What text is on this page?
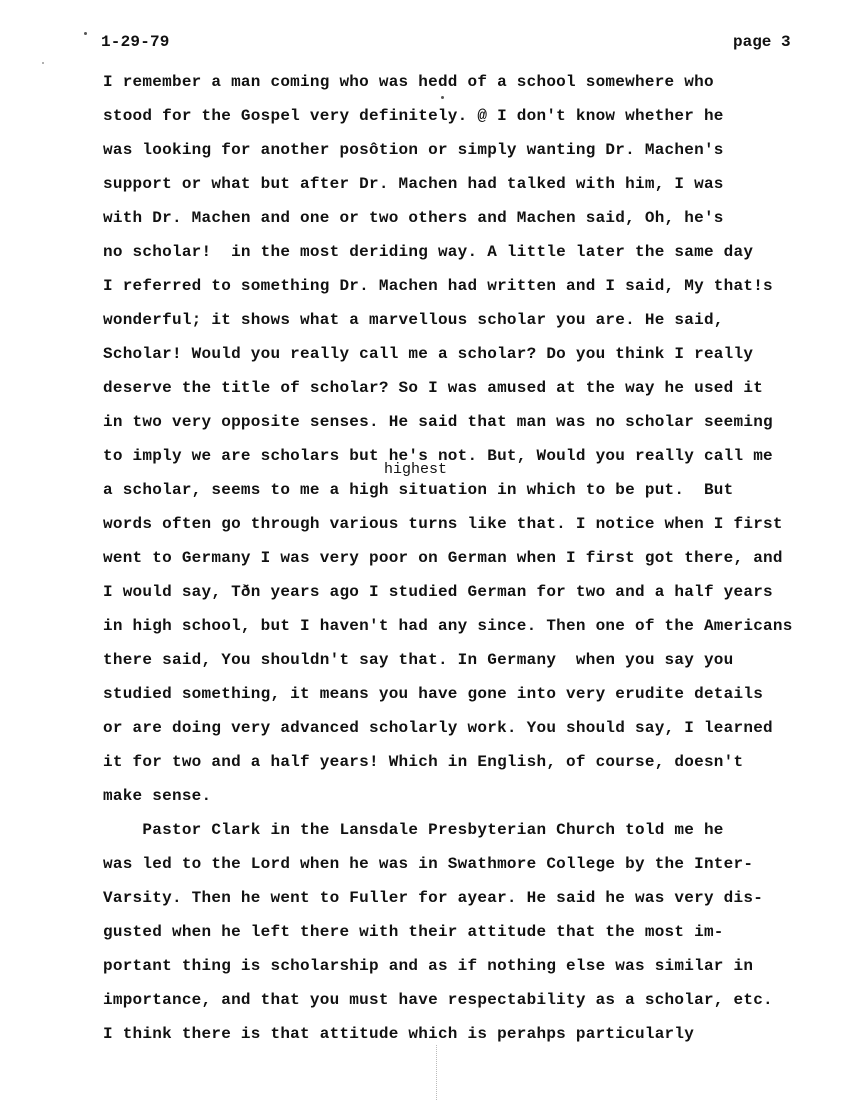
1-29-79	page 3
highest
I remember a man coming who was hedd of a school somewhere who
stood for the Gospel very definitely. @ I don't know whether he
was looking for another posôtion or simply wanting Dr. Machen's
support or what but after Dr. Machen had talked with him, I was
with Dr. Machen and one or two others and Machen said, Oh, he's
no scholar!  in the most deriding way. A little later the same day
I referred to something Dr. Machen had written and I said, My that!s
wonderful; it shows what a marvellous scholar you are. He said,
Scholar! Would you really call me a scholar? Do you think I really
deserve the title of scholar? So I was amused at the way he used it
in two very opposite senses. He said that man was no scholar seeming
to imply we are scholars but he's not. But, Would you really call me
a scholar, seems to me a high situation in which to be put.  But
words often go through various turns like that. I notice when I first
went to Germany I was very poor on German when I first got there, and
I would say, Tðn years ago I studied German for two and a half years
in high school, but I haven't had any since. Then one of the Americans
there said, You shouldn't say that. In Germany  when you say you
studied something, it means you have gone into very erudite details
or are doing very advanced scholarly work. You should say, I learned
it for two and a half years! Which in English, of course, doesn't
make sense.
Pastor Clark in the Lansdale Presbyterian Church told me he
was led to the Lord when he was in Swathmore College by the Inter-
Varsity. Then he went to Fuller for ayear. He said he was very dis-
gusted when he left there with their attitude that the most im-
portant thing is scholarship and as if nothing else was similar in
importance, and that you must have respectability as a scholar, etc.
I think there is that attitude which is perahps particularly
